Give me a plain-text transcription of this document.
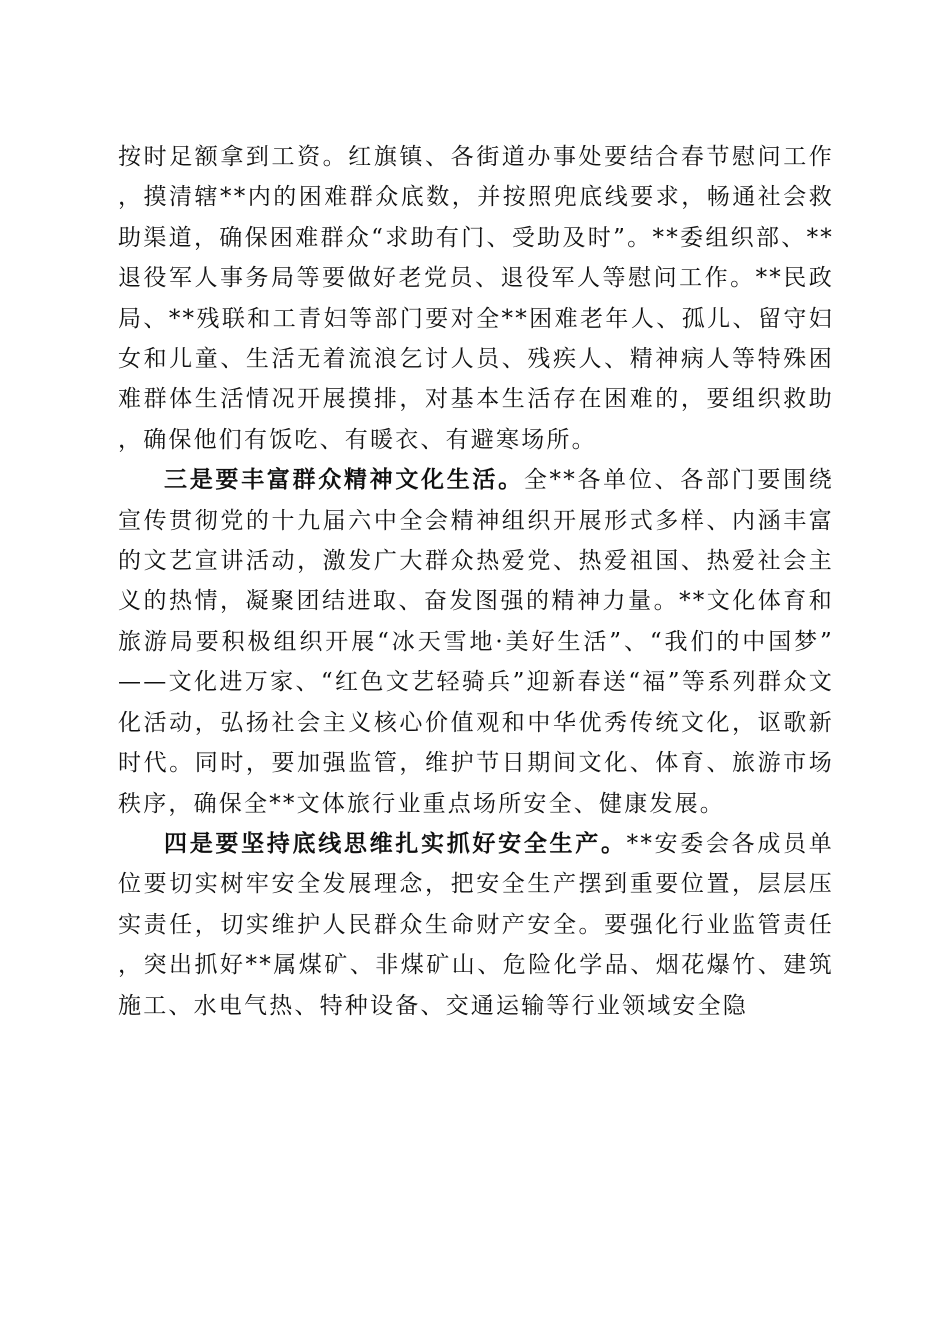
按时足额拿到工资。红旗镇、各街道办事处要结合春节慰问工作，摸清辖**内的困难群众底数，并按照兜底线要求，畅通社会救助渠道，确保困难群众“求助有门、受助及时”。**委组织部、**退役军人事务局等要做好老党员、退役军人等慰问工作。**民政局、**残联和工青妇等部门要对全**困难老年人、孤儿、留守妇女和儿童、生活无着流浪乞讨人员、残疾人、精神病人等特殊困难群体生活情况开展摸排，对基本生活存在困难的，要组织救助，确保他们有饭吃、有暖衣、有避寒场所。

三是要丰富群众精神文化生活。全**各单位、各部门要围绕宣传贯彻党的十九届六中全会精神组织开展形式多样、内涵丰富的文艺宣讲活动，激发广大群众热爱党、热爱祖国、热爱社会主义的热情，凝聚团结进取、奋发图强的精神力量。**文化体育和旅游局要积极组织开展“冰天雪地·美好生活”、“我们的中国梦”——文化进万家、“红色文艺轻骑兵”迎新春送“福”等系列群众文化活动，弘扬社会主义核心价值观和中华优秀传统文化，讴歌新时代。同时，要加强监管，维护节日期间文化、体育、旅游市场秩序，确保全**文体旅行业重点场所安全、健康发展。

四是要坚持底线思维扎实抓好安全生产。**安委会各成员单位要切实树牢安全发展理念，把安全生产摆到重要位置，层层压实责任，切实维护人民群众生命财产安全。要强化行业监管责任，突出抓好**属煤矿、非煤矿山、危险化学品、烟花爆竹、建筑施工、水电气热、特种设备、交通运输等行业领域安全隐
